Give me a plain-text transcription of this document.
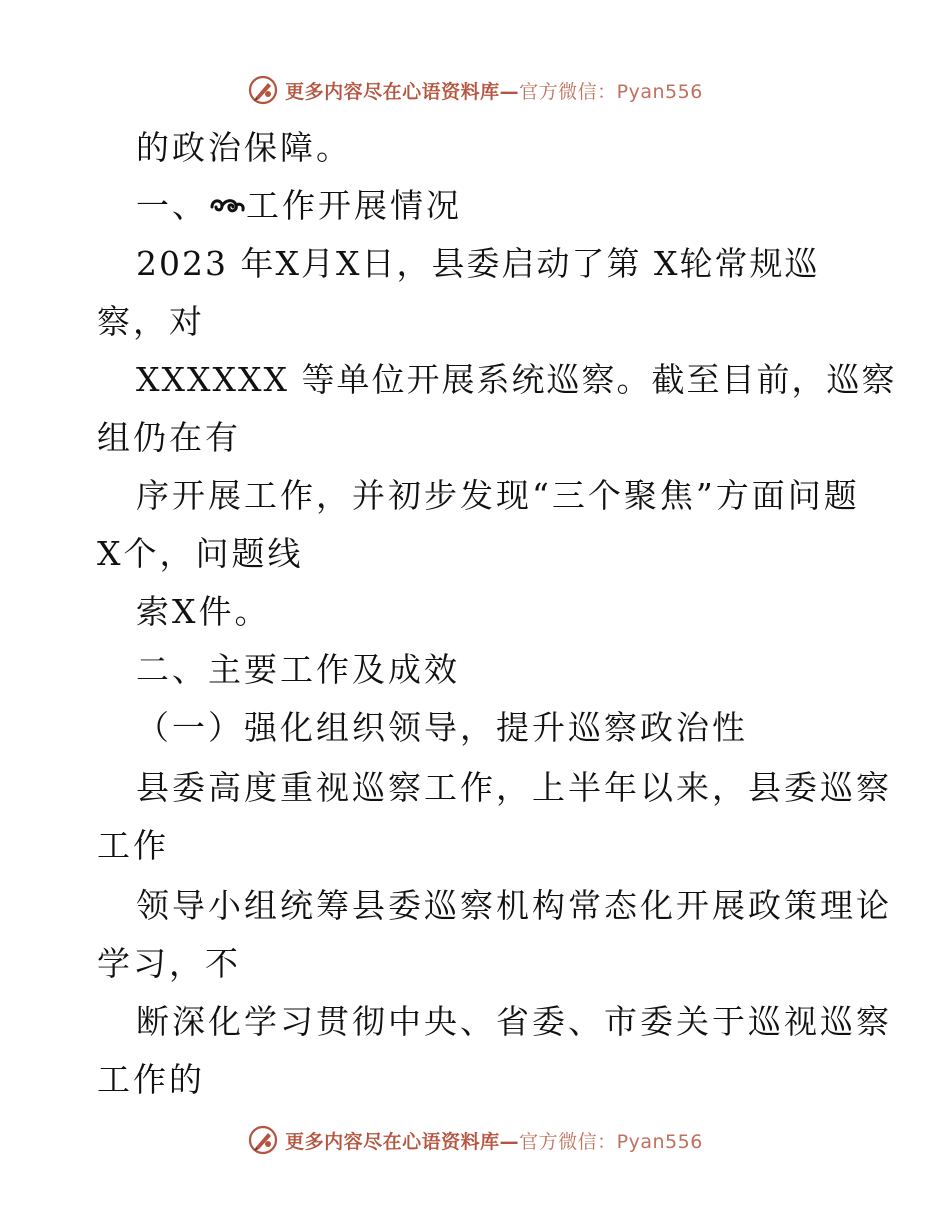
更多内容尽在心语资料库—官方微信：Pyan556
的政治保障。
一、 工作开展情况
2023 年X月X日，县委启动了第 X轮常规巡
察，对
XXXXXX 等单位开展系统巡察。截至目前，巡察
组仍在有
序开展工作，并初步发现“三个聚焦”方面问题
X个，问题线
索X件。
二、主要工作及成效
（一）强化组织领导，提升巡察政治性
县委高度重视巡察工作，上半年以来，县委巡察
工作
领导小组统筹县委巡察机构常态化开展政策理论
学习，不
断深化学习贯彻中央、省委、市委关于巡视巡察
工作的
更多内容尽在心语资料库—官方微信：Pyan556
